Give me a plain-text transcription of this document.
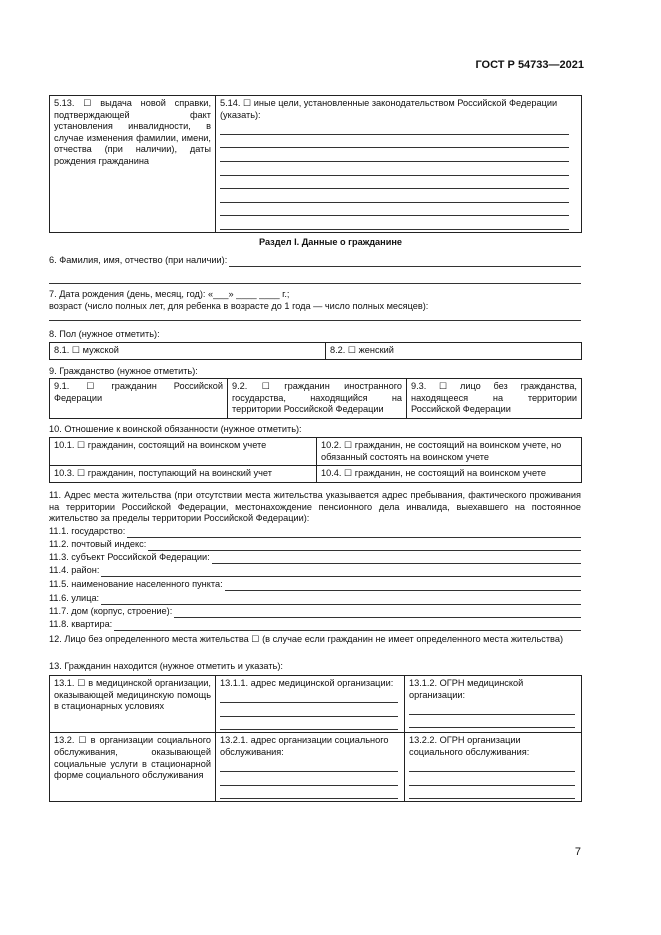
ГОСТ Р 54733—2021
5.13. ☐ выдача новой справки, подтверждающей факт установления инвалидности, в случае изменения фамилии, имени, отчества (при наличии), даты рождения гражданина	
5.14. ☐ иные цели, установленные законодательством Российской Федерации (указать):
Раздел I. Данные о гражданине
6. Фамилия, имя, отчество (при наличии):
7. Дата рождения (день, месяц, год): «___» ____ ____ г.;
возраст (число полных лет, для ребенка в возрасте до 1 года — число полных месяцев):
8. Пол (нужное отметить):
8.1. ☐ мужской	8.2. ☐ женский
9. Гражданство (нужное отметить):
9.1. ☐ гражданин Российской Федерации	9.2. ☐ гражданин иностранного государства, находящийся на территории Российской Федерации	9.3. ☐ лицо без гражданства, находящееся на территории Российской Федерации
10. Отношение к воинской обязанности (нужное отметить):
10.1. ☐ гражданин, состоящий на воинском учете	10.2. ☐ гражданин, не состоящий на воинском учете, но обязанный состоять на воинском учете
10.3. ☐ гражданин, поступающий на воинский учет	10.4. ☐ гражданин, не состоящий на воинском учете
11. Адрес места жительства (при отсутствии места жительства указывается адрес пребывания, фактического проживания на территории Российской Федерации, местонахождение пенсионного дела инвалида, выехавшего на постоянное жительство за пределы территории Российской Федерации):
11.1. государство:
11.2. почтовый индекс:
11.3. субъект Российской Федерации:
11.4. район:
11.5. наименование населенного пункта:
11.6. улица:
11.7. дом (корпус, строение):
11.8. квартира:
12. Лицо без определенного места жительства ☐ (в случае если гражданин не имеет определенного места жительства)
13. Гражданин находится (нужное отметить и указать):
13.1. ☐ в медицинской организации, оказывающей медицинскую помощь в стационарных условиях	13.1.1. адрес медицинской организации:	13.1.2. ОГРН медицинской организации:

13.2. ☐ в организации социального обслуживания, оказывающей социальные услуги в стационарной форме социального обслуживания	13.2.1. адрес организации социального обслуживания:	13.2.2. ОГРН организации социального обслуживания:
7
